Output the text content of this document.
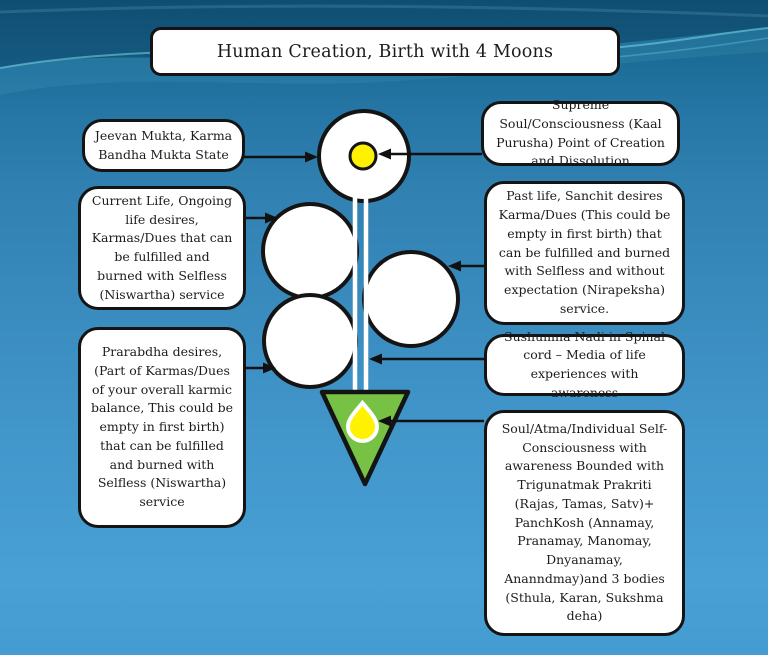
Human Creation, Birth with 4 Moons
Jeevan Mukta, Karma Bandha Mukta State
Current Life, Ongoing life desires, Karmas/Dues that can be fulfilled and burned with Selfless (Niswartha) service
Prarabdha desires, (Part of Karmas/Dues of your overall karmic balance, This could be empty in first birth) that can be fulfilled and burned with Selfless (Niswartha) service
Supreme Soul/Consciousness (Kaal Purusha) Point of Creation and Dissolution
Past life, Sanchit desires Karma/Dues (This could be empty in first birth) that can be fulfilled and burned with Selfless and without expectation (Nirapeksha) service.
Sushumna Nadi in Spinal cord – Media of life experiences with awareness
Soul/Atma/Individual Self-Consciousness with awareness Bounded with Trigunatmak Prakriti (Rajas, Tamas, Satv)+ PanchKosh (Annamay, Pranamay, Manomay, Dnyanamay, Ananndmay)and 3 bodies (Sthula, Karan, Sukshma deha)
